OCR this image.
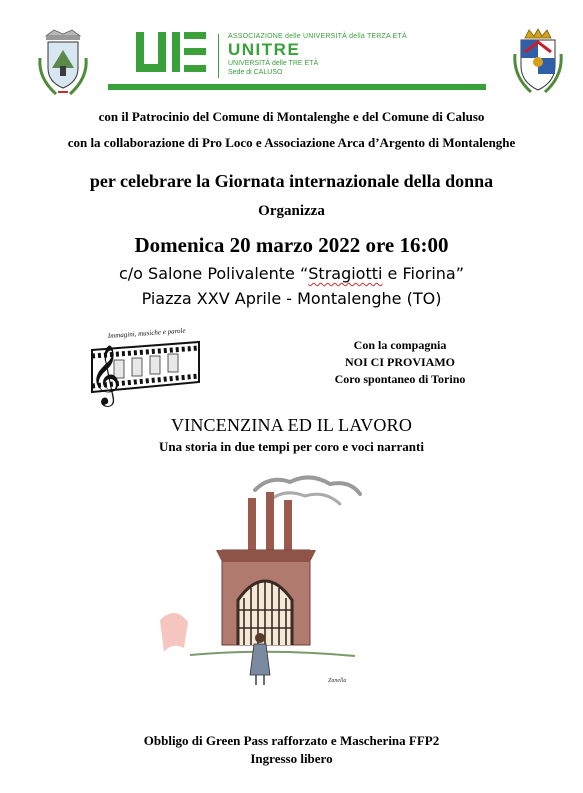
ASSOCIAZIONE delle UNIVERSITÀ della TERZA ETÀ
UNITRE
UNIVERSITÀ delle TRE ETÀ
Sede di CALUSO
con il Patrocinio del Comune di Montalenghe e del Comune di Caluso
con la collaborazione di Pro Loco e Associazione Arca d’Argento di Montalenghe
per celebrare la Giornata internazionale della donna
Organizza
Domenica 20 marzo 2022 ore 16:00
c/o Salone Polivalente “Stragiotti e Fiorina”
Piazza XXV Aprile - Montalenghe (TO)
𝄞
Immagini, musiche e parole
Con la compagnia
NOI CI PROVIAMO
Coro spontaneo di Torino
VINCENZINA ED IL LAVORO
Una storia in due tempi per coro e voci narranti
Zanella
Obbligo di Green Pass rafforzato e Mascherina FFP2
Ingresso libero
